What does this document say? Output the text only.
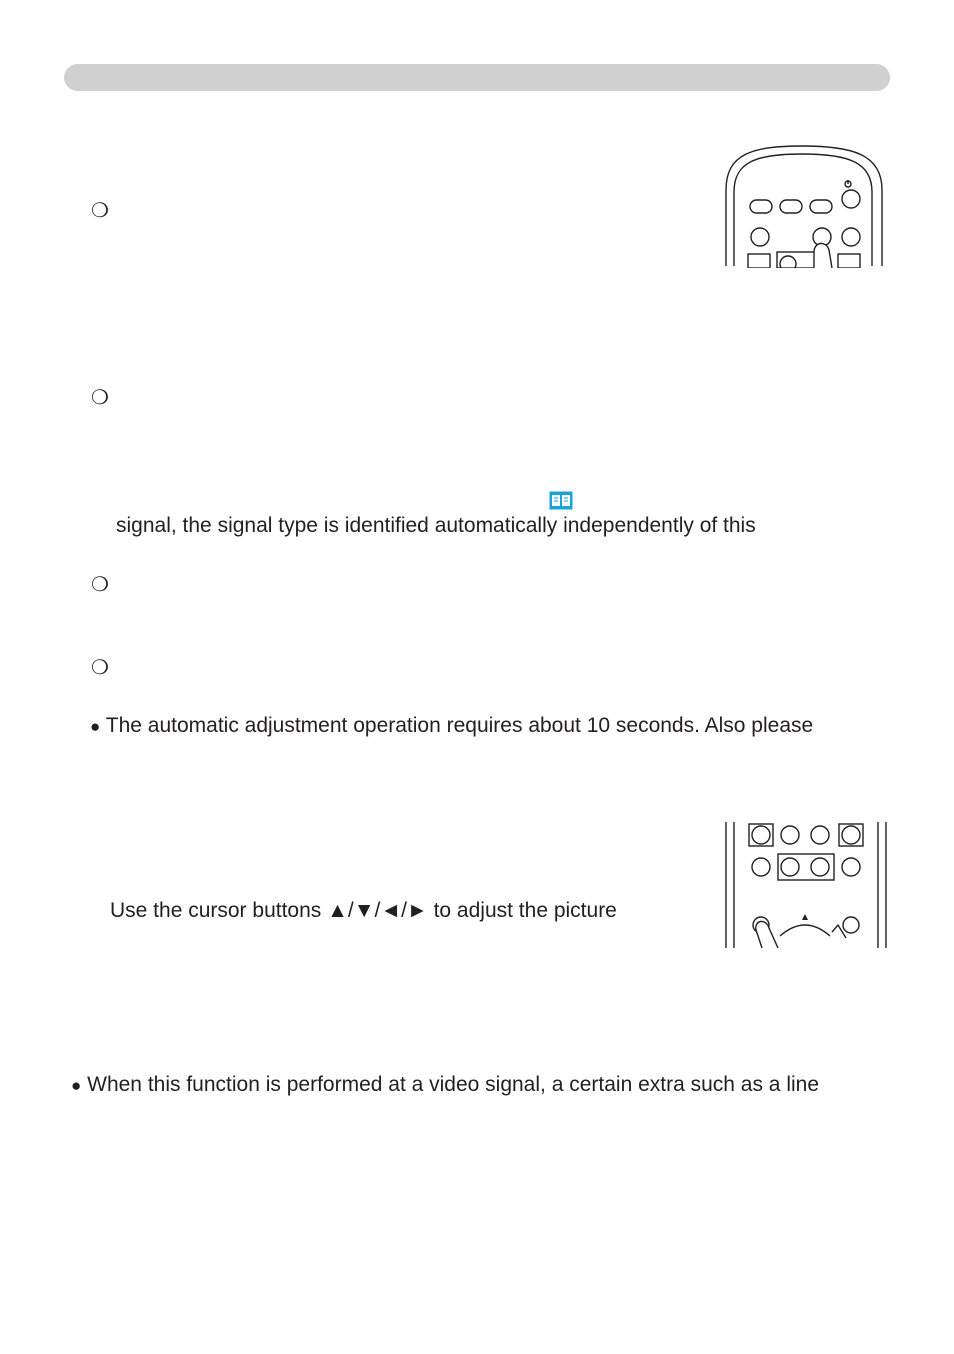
❍
❍
❍
❍
signal, the signal type is identified automatically independently of this
● The automatic adjustment operation requires about 10 seconds. Also please
Use the cursor buttons ▲/▼/◄/► to adjust the picture
● When this function is performed at a video signal, a certain extra such as a line
